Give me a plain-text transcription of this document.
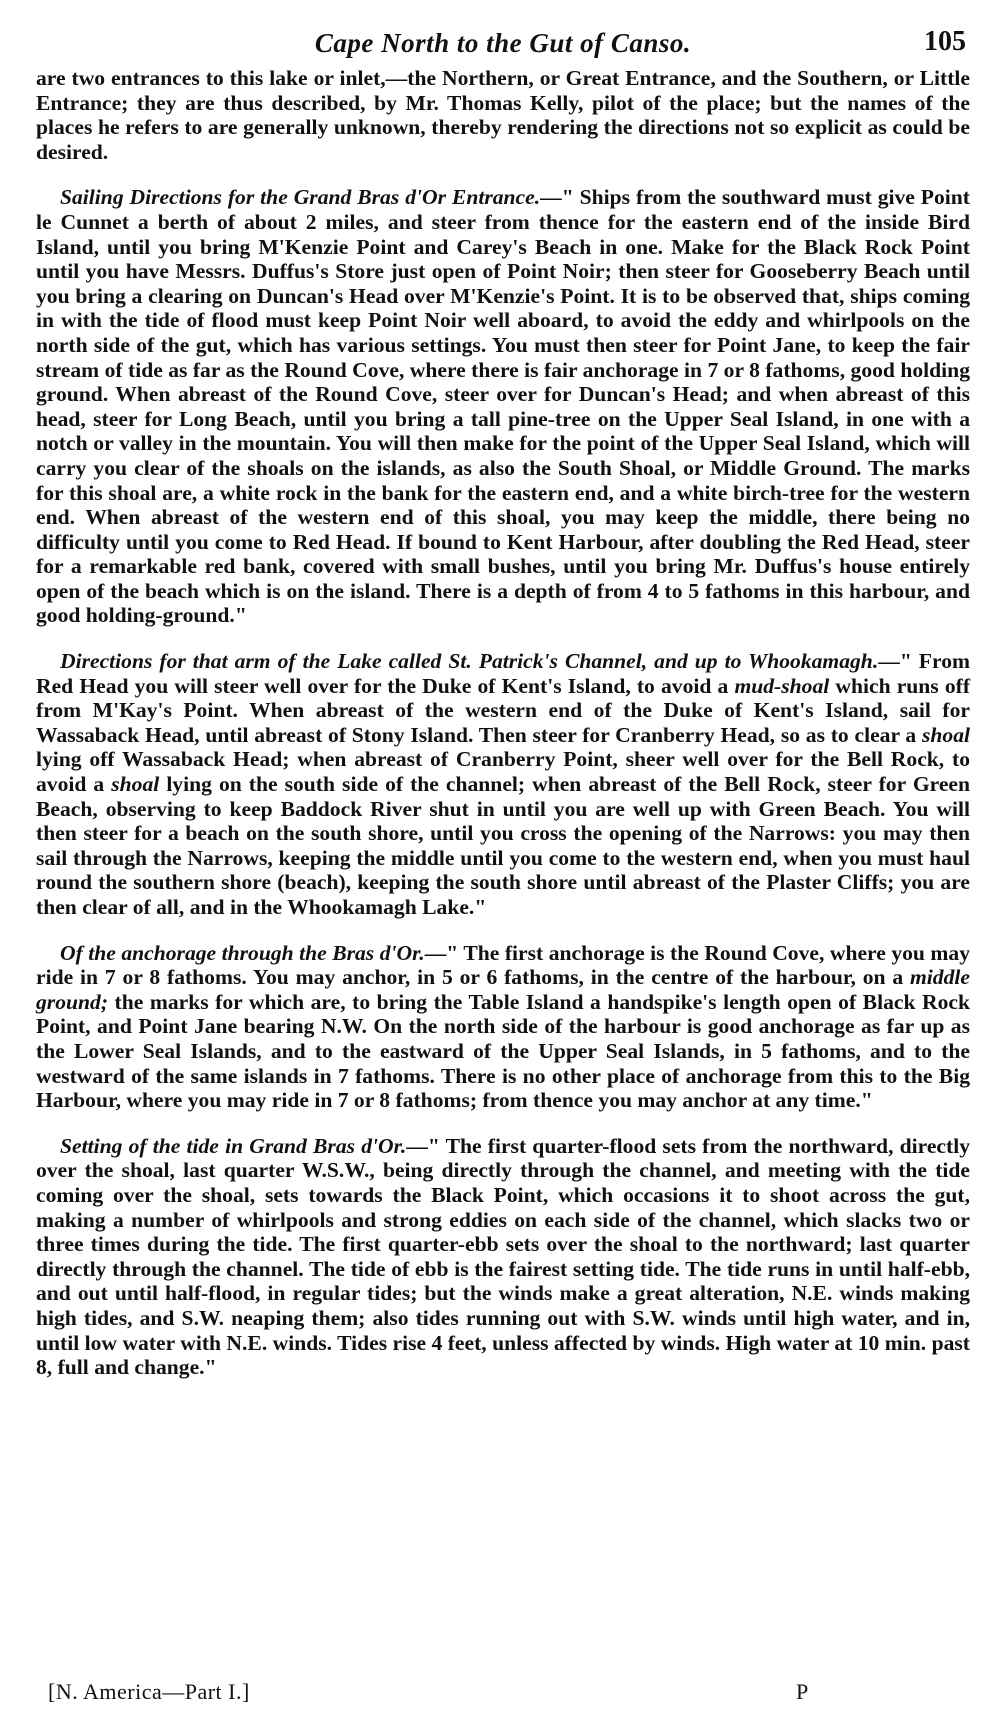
Cape North to the Gut of Canso.	105

are two entrances to this lake or inlet,—the Northern, or Great Entrance, and the Southern, or Little Entrance; they are thus described, by Mr. Thomas Kelly, pilot of the place; but the names of the places he refers to are generally unknown, thereby rendering the directions not so explicit as could be desired.

Sailing Directions for the Grand Bras d'Or Entrance.—" Ships from the southward must give Point le Cunnet a berth of about 2 miles, and steer from thence for the eastern end of the inside Bird Island, until you bring M'Kenzie Point and Carey's Beach in one. Make for the Black Rock Point until you have Messrs. Duffus's Store just open of Point Noir; then steer for Gooseberry Beach until you bring a clearing on Duncan's Head over M'Kenzie's Point. It is to be observed that, ships coming in with the tide of flood must keep Point Noir well aboard, to avoid the eddy and whirlpools on the north side of the gut, which has various settings. You must then steer for Point Jane, to keep the fair stream of tide as far as the Round Cove, where there is fair anchorage in 7 or 8 fathoms, good holding ground. When abreast of the Round Cove, steer over for Duncan's Head; and when abreast of this head, steer for Long Beach, until you bring a tall pine-tree on the Upper Seal Island, in one with a notch or valley in the mountain. You will then make for the point of the Upper Seal Island, which will carry you clear of the shoals on the islands, as also the South Shoal, or Middle Ground. The marks for this shoal are, a white rock in the bank for the eastern end, and a white birch-tree for the western end. When abreast of the western end of this shoal, you may keep the middle, there being no difficulty until you come to Red Head. If bound to Kent Harbour, after doubling the Red Head, steer for a remarkable red bank, covered with small bushes, until you bring Mr. Duffus's house entirely open of the beach which is on the island. There is a depth of from 4 to 5 fathoms in this harbour, and good holding-ground."

Directions for that arm of the Lake called St. Patrick's Channel, and up to Whookamagh.—" From Red Head you will steer well over for the Duke of Kent's Island, to avoid a mud-shoal which runs off from M'Kay's Point. When abreast of the western end of the Duke of Kent's Island, sail for Wassaback Head, until abreast of Stony Island. Then steer for Cranberry Head, so as to clear a shoal lying off Wassaback Head; when abreast of Cranberry Point, sheer well over for the Bell Rock, to avoid a shoal lying on the south side of the channel; when abreast of the Bell Rock, steer for Green Beach, observing to keep Baddock River shut in until you are well up with Green Beach. You will then steer for a beach on the south shore, until you cross the opening of the Narrows: you may then sail through the Narrows, keeping the middle until you come to the western end, when you must haul round the southern shore (beach), keeping the south shore until abreast of the Plaster Cliffs; you are then clear of all, and in the Whookamagh Lake."

Of the anchorage through the Bras d'Or.—" The first anchorage is the Round Cove, where you may ride in 7 or 8 fathoms. You may anchor, in 5 or 6 fathoms, in the centre of the harbour, on a middle ground; the marks for which are, to bring the Table Island a handspike's length open of Black Rock Point, and Point Jane bearing N.W. On the north side of the harbour is good anchorage as far up as the Lower Seal Islands, and to the eastward of the Upper Seal Islands, in 5 fathoms, and to the westward of the same islands in 7 fathoms. There is no other place of anchorage from this to the Big Harbour, where you may ride in 7 or 8 fathoms; from thence you may anchor at any time."

Setting of the tide in Grand Bras d'Or.—" The first quarter-flood sets from the northward, directly over the shoal, last quarter W.S.W., being directly through the channel, and meeting with the tide coming over the shoal, sets towards the Black Point, which occasions it to shoot across the gut, making a number of whirlpools and strong eddies on each side of the channel, which slacks two or three times during the tide. The first quarter-ebb sets over the shoal to the northward; last quarter directly through the channel. The tide of ebb is the fairest setting tide. The tide runs in until half-ebb, and out until half-flood, in regular tides; but the winds make a great alteration, N.E. winds making high tides, and S.W. neaping them; also tides running out with S.W. winds until high water, and in, until low water with N.E. winds. Tides rise 4 feet, unless affected by winds. High water at 10 min. past 8, full and change."

[N. America—Part I.]	P
